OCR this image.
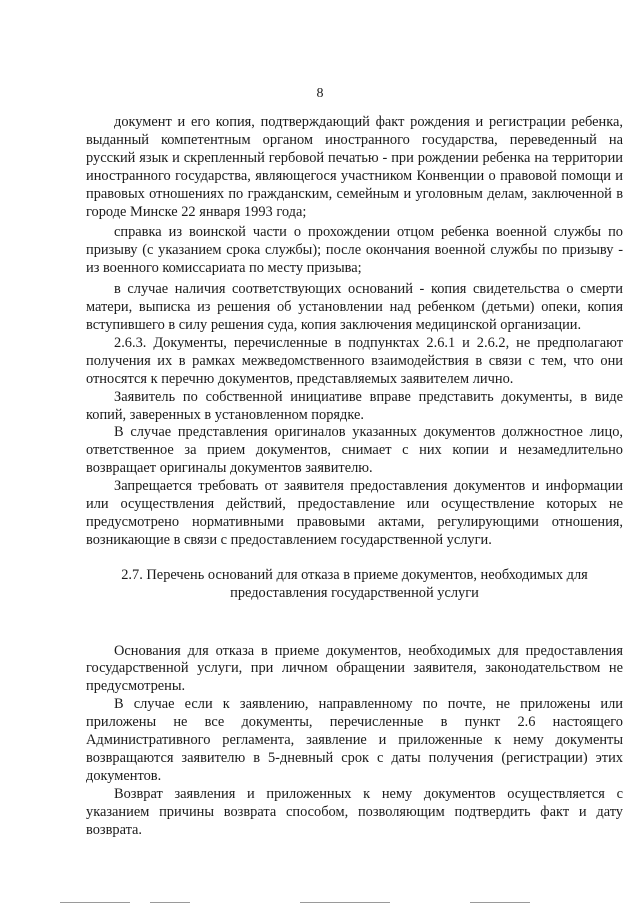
8

документ и его копия, подтверждающий факт рождения и регистрации ребенка, выданный компетентным органом иностранного государства, переведенный на русский язык и скрепленный гербовой печатью - при рождении ребенка на территории иностранного государства, являющегося участником Конвенции о правовой помощи и правовых отношениях по гражданским, семейным и уголовным делам, заключенной в городе Минске 22 января 1993 года;

справка из воинской части о прохождении отцом ребенка военной службы по призыву (с указанием срока службы); после окончания военной службы по призыву - из военного комиссариата по месту призыва;

в случае наличия соответствующих оснований - копия свидетельства о смерти матери, выписка из решения об установлении над ребенком (детьми) опеки, копия вступившего в силу решения суда, копия заключения медицинской организации.

2.6.3. Документы, перечисленные в подпунктах 2.6.1 и 2.6.2, не предполагают получения их в рамках межведомственного взаимодействия в связи с тем, что они относятся к перечню документов, представляемых заявителем лично.

Заявитель по собственной инициативе вправе представить документы, в виде копий, заверенных в установленном порядке.

В случае представления оригиналов указанных документов должностное лицо, ответственное за прием документов, снимает с них копии и незамедлительно возвращает оригиналы документов заявителю.

Запрещается требовать от заявителя предоставления документов и информации или осуществления действий, предоставление или осуществление которых не предусмотрено нормативными правовыми актами, регулирующими отношения, возникающие в связи с предоставлением государственной услуги.

2.7. Перечень оснований для отказа в приеме документов, необходимых для предоставления государственной услуги

Основания для отказа в приеме документов, необходимых для предоставления государственной услуги, при личном обращении заявителя, законодательством не предусмотрены.

В случае если к заявлению, направленному по почте, не приложены или приложены не все документы, перечисленные в пункт 2.6 настоящего Административного регламента, заявление и приложенные к нему документы возвращаются заявителю в 5-дневный срок с даты получения (регистрации) этих документов.

Возврат заявления и приложенных к нему документов осуществляется с указанием причины возврата способом, позволяющим подтвердить факт и дату возврата.
